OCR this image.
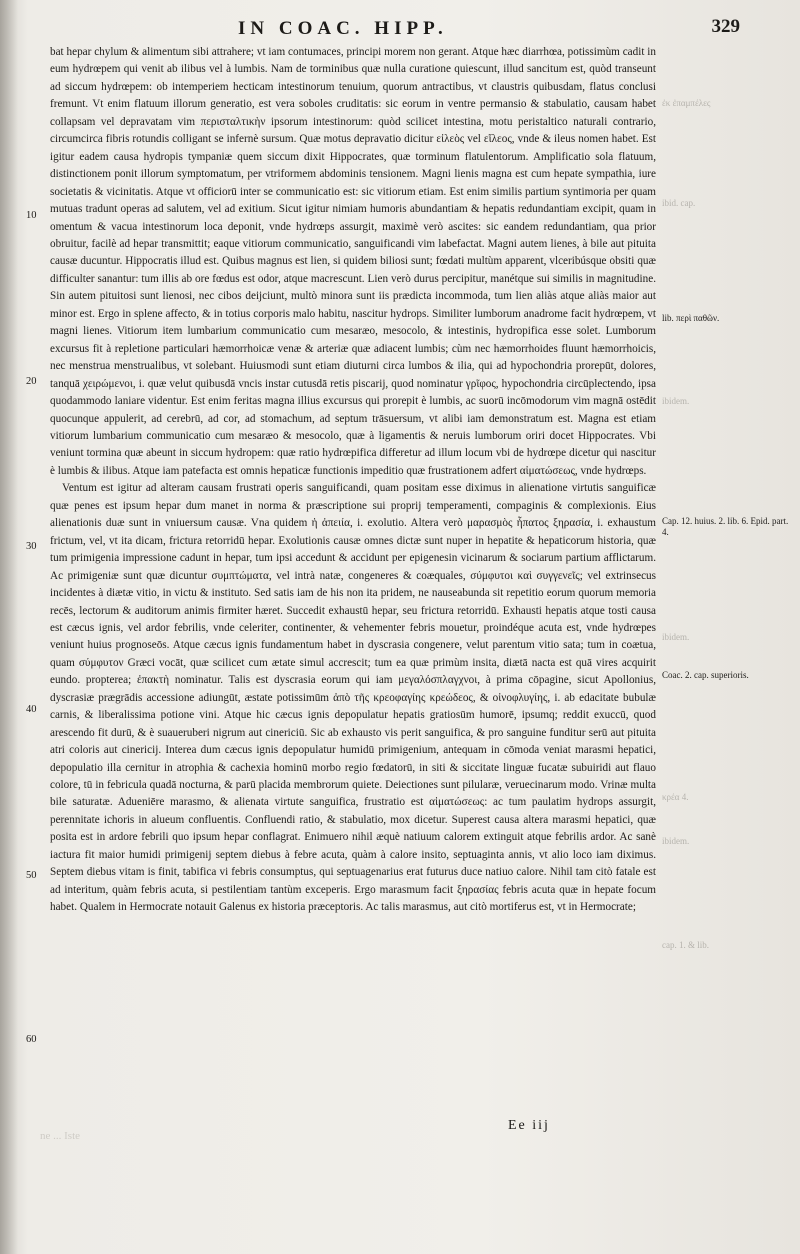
IN COAC. HIPP.	329
10
20
30
40
50
60

bat hepar chylum & alimentum sibi attrahere; vt iam contumaces, principi morem non gerant. Atque hæc diarrhœa, potissimùm cadit in eum hydrœpem qui venit ab ilibus vel à lumbis. Nam de torminibus quæ nulla curatione quiescunt, illud sancitum est, quòd transeunt ad siccum hydrœpem: ob intemperiem hecticam intestinorum tenuium, quorum antractibus, vt claustris quibusdam, flatus conclusi fremunt. Vt enim flatuum illorum generatio, est vera soboles cruditatis: sic eorum in ventre permansio & stabulatio, causam habet collapsam vel depravatam vim περισταλτικὴν ipsorum intestinorum: quòd scilicet intestina, motu peristaltico naturali contrario, circumcirca fibris rotundis colligant se infernè sursum. Quæ motus depravatio dicitur εἰλεὸς vel εἴλεος, vnde & ileus nomen habet. Est igitur eadem causa hydropis tympaniæ quem siccum dixit Hippocrates, quæ torminum flatulentorum. Amplificatio sola flatuum, distinctionem ponit illorum symptomatum, per vtriformem abdominis tensionem. Magni lienis magna est cum hepate sympathia, iure societatis & vicinitatis. Atque vt officiorū inter se communicatio est: sic vitiorum etiam. Est enim similis partium syntimoria per quam mutuas tradunt operas ad salutem, vel ad exitium. Sicut igitur nimiam humoris abundantiam & hepatis redundantiam excipit, quam in omentum & vacua intestinorum loca deponit, vnde hydrœps assurgit, maximè verò ascites: sic eandem redundantiam, qua prior obruitur, facilè ad hepar transmittit; eaque vitiorum communicatio, sanguificandi vim labefactat. Magni autem lienes, à bile aut pituita causæ ducuntur. Hippocratis illud est. Quibus magnus est lien, si quidem biliosi sunt; fœdati multùm apparent, vlceribúsque obsiti quæ difficulter sanantur: tum illis ab ore fœdus est odor, atque macrescunt. Lien verò durus percipitur, manétque sui similis in magnitudine. Sin autem pituitosi sunt lienosi, nec cibos deijciunt, multò minora sunt iis prædicta incommoda, tum lien aliàs atque aliàs maior aut minor est. Ergo in splene affecto, & in totius corporis malo habitu, nascitur hydrops. Similiter lumborum anadrome facit hydrœpem, vt magni lienes. Vitiorum item lumbarium communicatio cum mesaræo, mesocolo, & intestinis, hydropifica esse solet. Lumborum excursus fit à repletione particulari hæmorrhoicæ venæ & arteriæ quæ adiacent lumbis; cùm nec hæmorrhoides fluunt hæmorrhoicis, nec menstrua menstrualibus, vt solebant. Huiusmodi sunt etiam diuturni circa lumbos & ilia, qui ad hypochondria prorepūt, dolores, tanquā χειρώμενοι, i. quæ velut quibusdā vncis instar cutusdā retis piscarij, quod nominatur γρῖφος, hypochondria circūplectendo, ipsa quodammodo laniare videntur. Est enim feritas magna illius excursus qui prorepit è lumbis, ac suorū incōmodorum vim magnā ostēdit quocunque appulerit, ad cerebrū, ad cor, ad stomachum, ad septum trāsuersum, vt alibi iam demonstratum est. Magna est etiam vitiorum lumbarium communicatio cum mesaræo & mesocolo, quæ à ligamentis & neruis lumborum oriri docet Hippocrates. Vbi veniunt tormina quæ abeunt in siccum hydropem: quæ ratio hydrœpifica differetur ad illum locum vbi de hydrœpe dicetur qui nascitur è lumbis & ilibus. Atque iam patefacta est omnis hepaticæ functionis impeditio quæ frustrationem adfert αἱματώσεως, vnde hydrœps.

Ventum est igitur ad alteram causam frustrati operis sanguificandi, quam positam esse diximus in alienatione virtutis sanguificæ quæ penes est ipsum hepar dum manet in norma & præscriptione sui proprij temperamenti, compaginis & complexionis. Eius alienationis duæ sunt in vniuersum causæ. Vna quidem ἡ ἀπειία, i. exolutio. Altera verò μαρασμὸς ἧπατος ξηρασία, i. exhaustum frictum, vel, vt ita dicam, frictura retorridū hepar. Exolutionis causæ omnes dictæ sunt nuper in hepatite & hepaticorum historia, quæ tum primigenia impressione cadunt in hepar, tum ipsi accedunt & accidunt per epigenesin vicinarum & sociarum partium afflictarum. Ac primigeniæ sunt quæ dicuntur συμπτώματα, vel intrà natæ, congeneres & coæquales, σύμφυτοι καὶ συγγενεῖς; vel extrinsecus incidentes à diætæ vitio, in victu & instituto. Sed satis iam de his non ita pridem, ne nauseabunda sit repetitio eorum quorum memoria recēs, lectorum & auditorum animis firmiter hæret. Succedit exhaustū hepar, seu frictura retorridū. Exhausti hepatis atque tosti causa est cæcus ignis, vel ardor febrilis, vnde celeriter, continenter, & vehementer febris mouetur, proindéque acuta est, vnde hydrœpes veniunt huius prognoseōs. Atque cæcus ignis fundamentum habet in dyscrasia congenere, velut parentum vitio sata; tum in coætua, quam σύμφυτον Græci vocāt, quæ scilicet cum ætate simul accrescit; tum ea quæ primùm insita, diætā nacta est quā vires acquirit eundo. propterea; ἐπακτὴ nominatur. Talis est dyscrasia eorum qui iam μεγαλόσπλαγχνοι, à prima cōpagine, sicut Apollonius, dyscrasiæ prægrādis accessione adiungūt, æstate potissimūm ἀπὸ τῆς κρεοφαγίης κρεώδεος, & οἰνοφλυγίης, i. ab edacitate bubulæ carnis, & liberalissima potione vini. Atque hic cæcus ignis depopulatur hepatis gratiosūm humorē, ipsumq; reddit exuccū, quod arescendo fit durū, & è suaueruberi nigrum aut cinericiū. Sic ab exhausto vis perit sanguifica, & pro sanguine funditur serū aut pituita atri coloris aut cinericij. Interea dum cæcus ignis depopulatur humidū primigenium, antequam in cōmoda veniat marasmi hepatici, depopulatio illa cernitur in atrophia & cachexia hominū morbo regio fœdatorū, in siti & siccitate linguæ fucatæ subuiridi aut flauo colore, tū in febricula quadā nocturna, & parū placida membrorum quiete. Deiectiones sunt pilularæ, veruecinarum modo. Vrinæ multa bile saturatæ. Adueniēre marasmo, & alienata virtute sanguifica, frustratio est αἱματώσεως: ac tum paulatim hydrops assurgit, perennitate ichoris in alueum confluentis. Confluendi ratio, & stabulatio, mox dicetur. Superest causa altera marasmi hepatici, quæ posita est in ardore febrili quo ipsum hepar conflagrat. Enimuero nihil æquè natiuum calorem extinguit atque febrilis ardor. Ac sanè iactura fit maior humidi primigenij septem diebus à febre acuta, quàm à calore insito, septuaginta annis, vt alio loco iam diximus. Septem diebus vitam is finit, tabifica vi febris consumptus, qui septuagenarius erat futurus duce natiuo calore. Nihil tam citò fatale est ad interitum, quàm febris acuta, si pestilentiam tantùm exceperis. Ergo marasmum facit ξηρασίας febris acuta quæ in hepate focum habet. Qualem in Hermocrate notauit Galenus ex historia præceptoris. Ac talis marasmus, aut citò mortiferus est, vt in Hermocrate;

ἐκ ἐπαμπέλες
ibid. cap.
lib. περὶ παθῶν.
ibidem.
Cap. 12. huius. 2. lib. 6. Epid. part. 4.
ibidem.
Coac. 2. cap. superioris.
κρέα 4.
ibidem.
cap. 1. & lib.
Ee iij
ne ... Iste
